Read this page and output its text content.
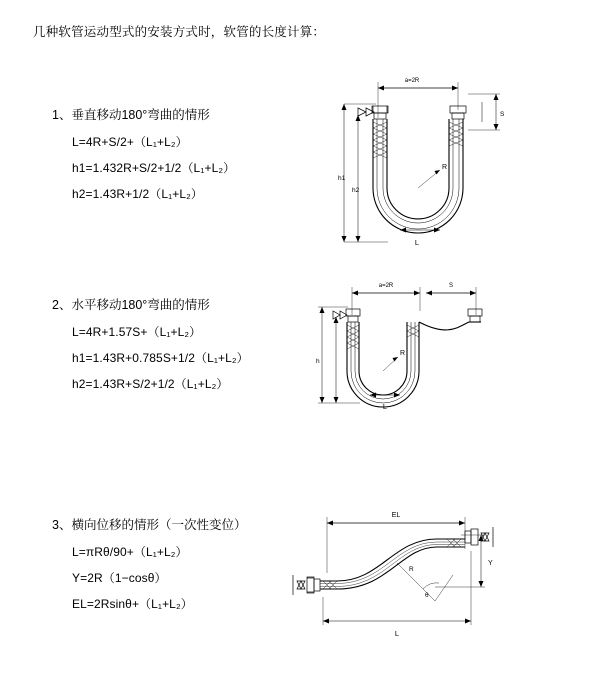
几种软管运动型式的安装方式时，软管的长度计算：
1、垂直移动180°弯曲的情形
L=4R+S/2+（L₁+L₂）
h1=1.432R+S/2+1/2（L₁+L₂）
h2=1.43R+1/2（L₁+L₂）
a=2R
h1
h2
S
R
L
2、水平移动180°弯曲的情形
L=4R+1.57S+（L₁+L₂）
h1=1.43R+0.785S+1/2（L₁+L₂）
h2=1.43R+S/2+1/2（L₁+L₂）
a=2R	S
h
R
L
3、横向位移的情形（一次性变位）
L=πRθ/90+（L₁+L₂）
Y=2R（1−cosθ）
EL=2Rsinθ+（L₁+L₂）
EL
Y
R
θ
L
